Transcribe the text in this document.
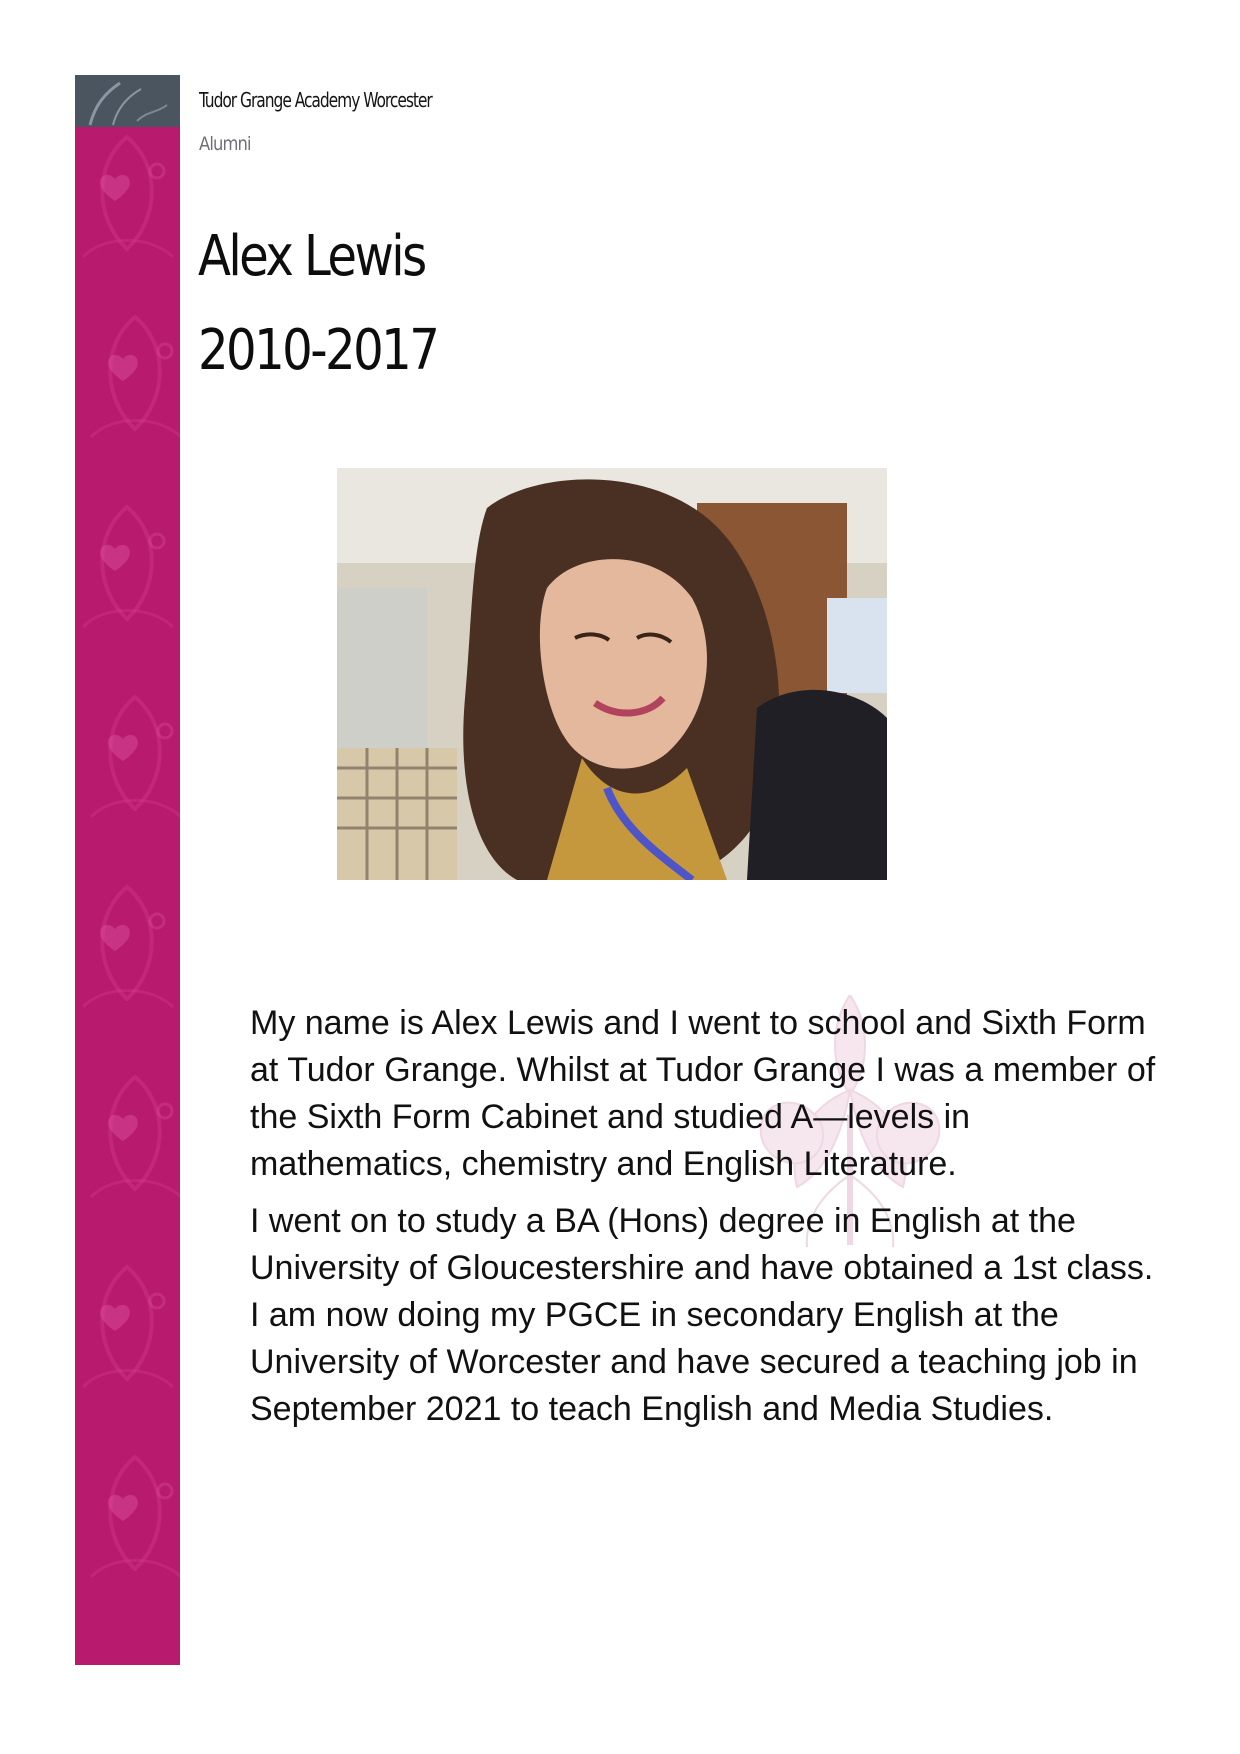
Tudor Grange Academy Worcester
Alumni
Alex Lewis
2010-2017

My name is Alex Lewis and I went to school and Sixth Form at Tudor Grange. Whilst at Tudor Grange I was a member of the Sixth Form Cabinet and studied A—levels in mathematics, chemistry and English Literature.

I went on to study a BA (Hons) degree in English at the University of Gloucestershire and have obtained a 1st class. I am now doing my PGCE in secondary English at the University of Worcester and have secured a teaching job in September 2021 to teach English and Media Studies.
